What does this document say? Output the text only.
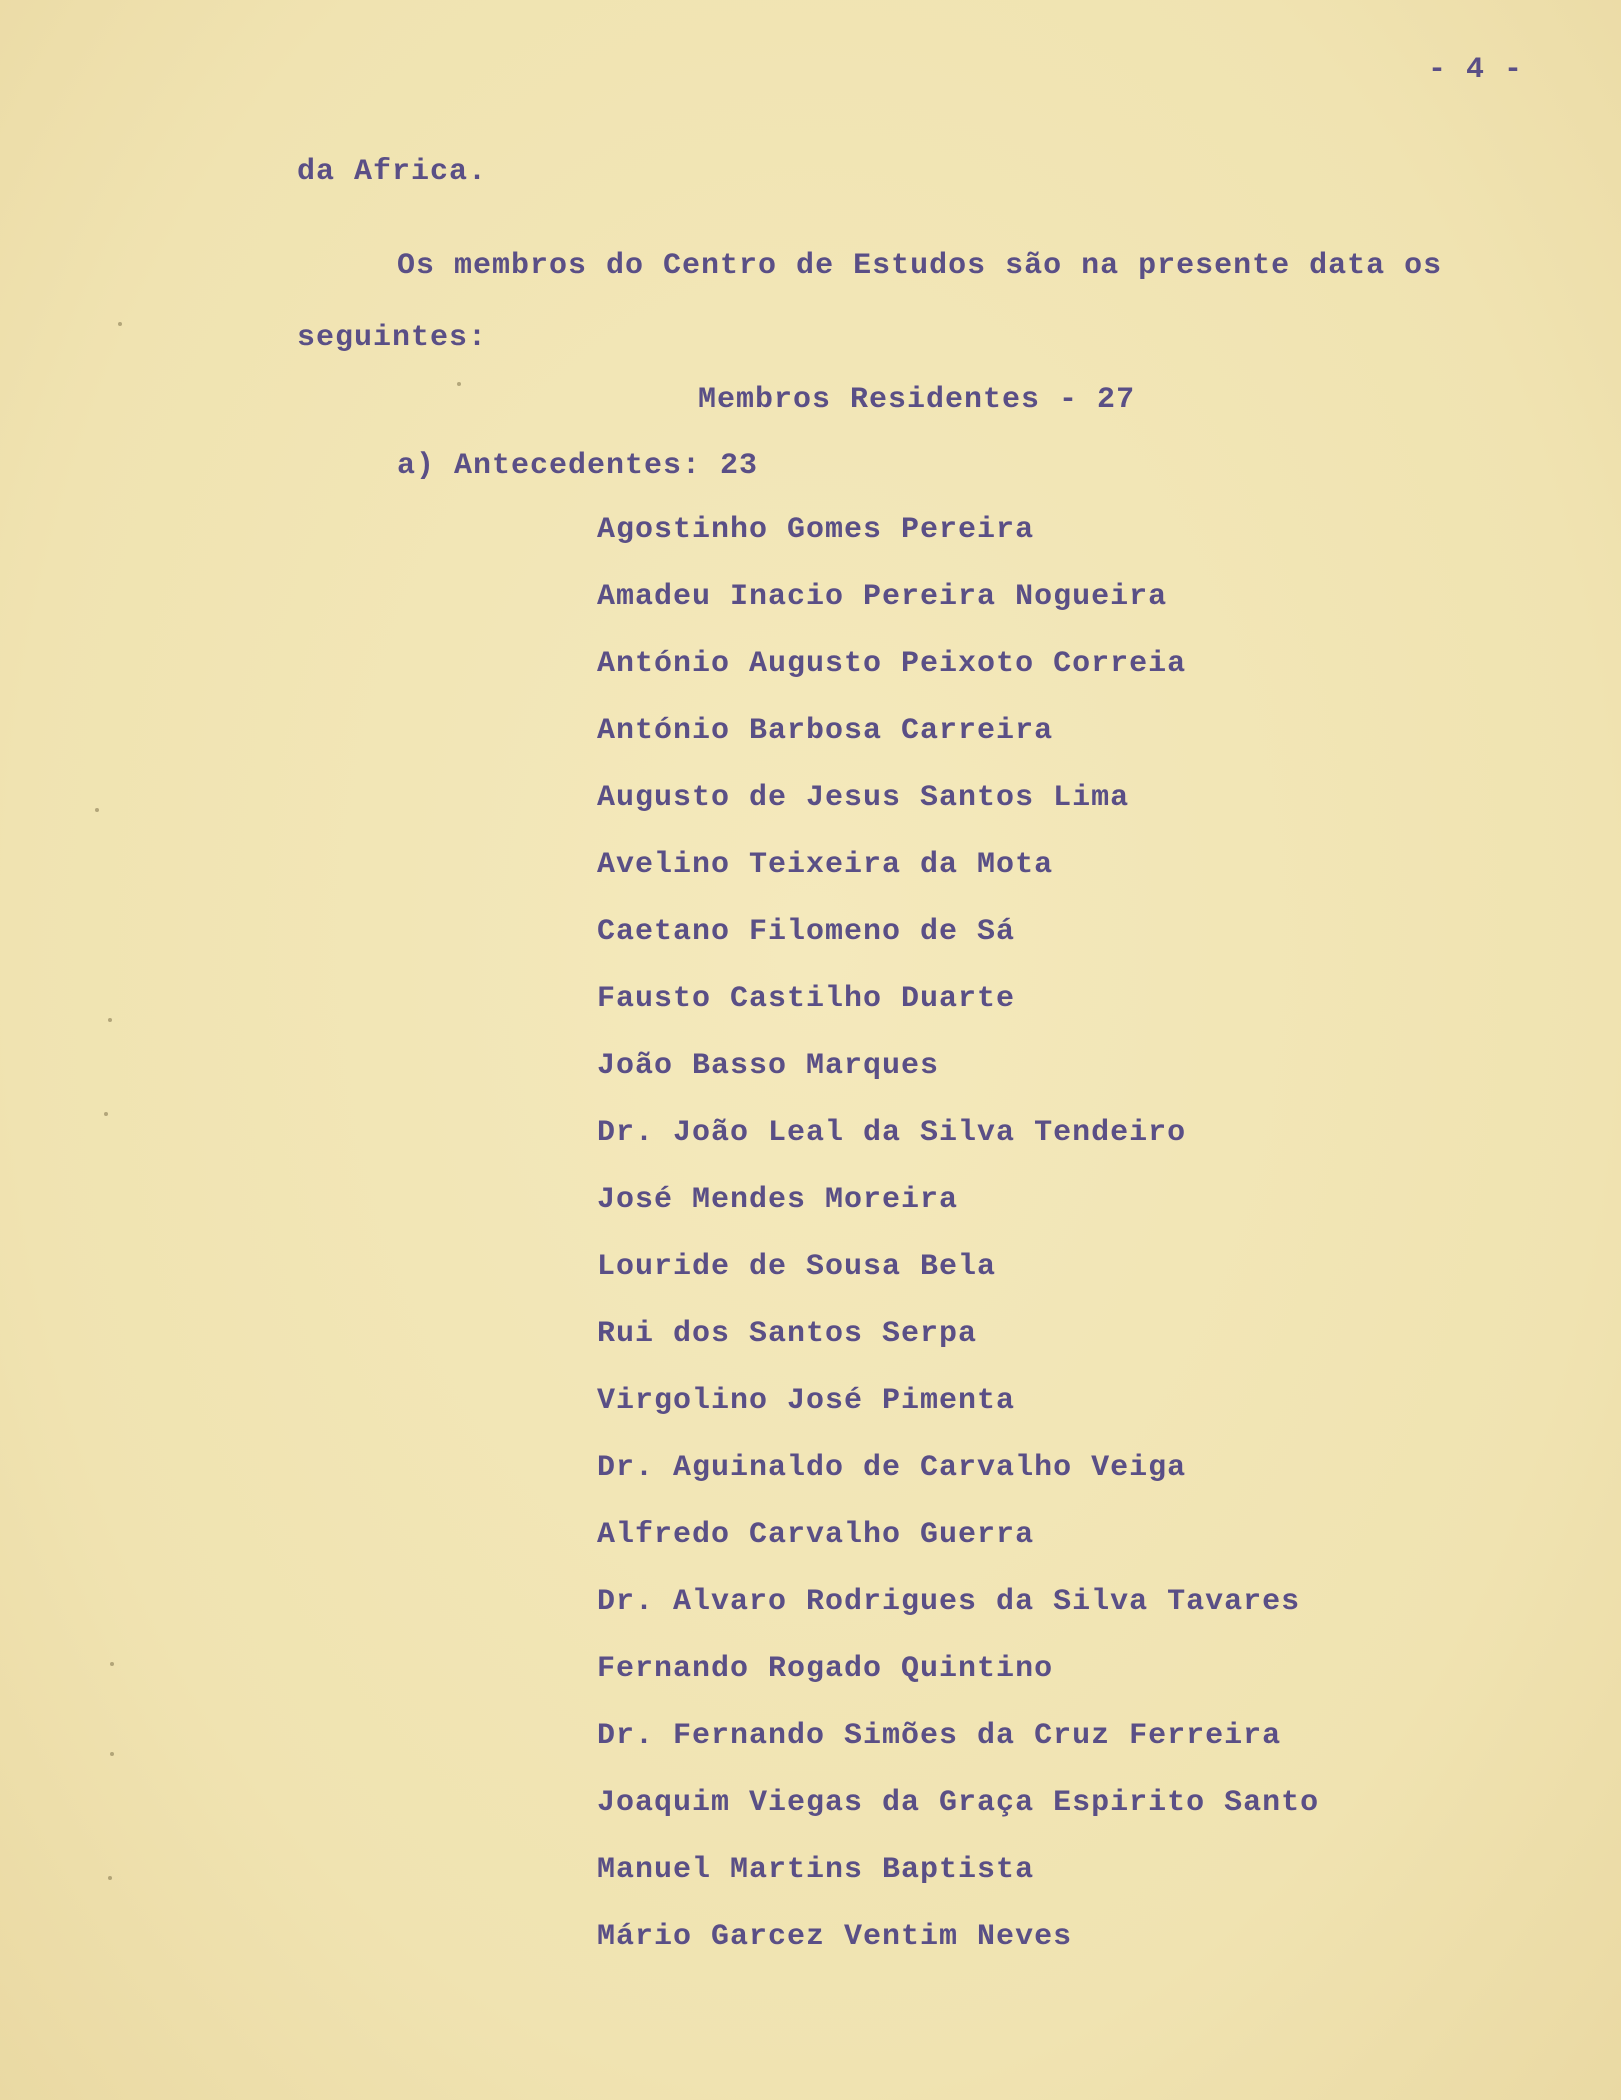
- 4 -
da Africa.
Os membros do Centro de Estudos são na presente data os
seguintes:
Membros Residentes - 27
a) Antecedentes: 23
Agostinho Gomes Pereira
Amadeu Inacio Pereira Nogueira
António Augusto Peixoto Correia
António Barbosa Carreira
Augusto de Jesus Santos Lima
Avelino Teixeira da Mota
Caetano Filomeno de Sá
Fausto Castilho Duarte
João Basso Marques
Dr. João Leal da Silva Tendeiro
José Mendes Moreira
Louride de Sousa Bela
Rui dos Santos Serpa
Virgolino José Pimenta
Dr. Aguinaldo de Carvalho Veiga
Alfredo Carvalho Guerra
Dr. Alvaro Rodrigues da Silva Tavares
Fernando Rogado Quintino
Dr. Fernando Simões da Cruz Ferreira
Joaquim Viegas da Graça Espirito Santo
Manuel Martins Baptista
Mário Garcez Ventim Neves
